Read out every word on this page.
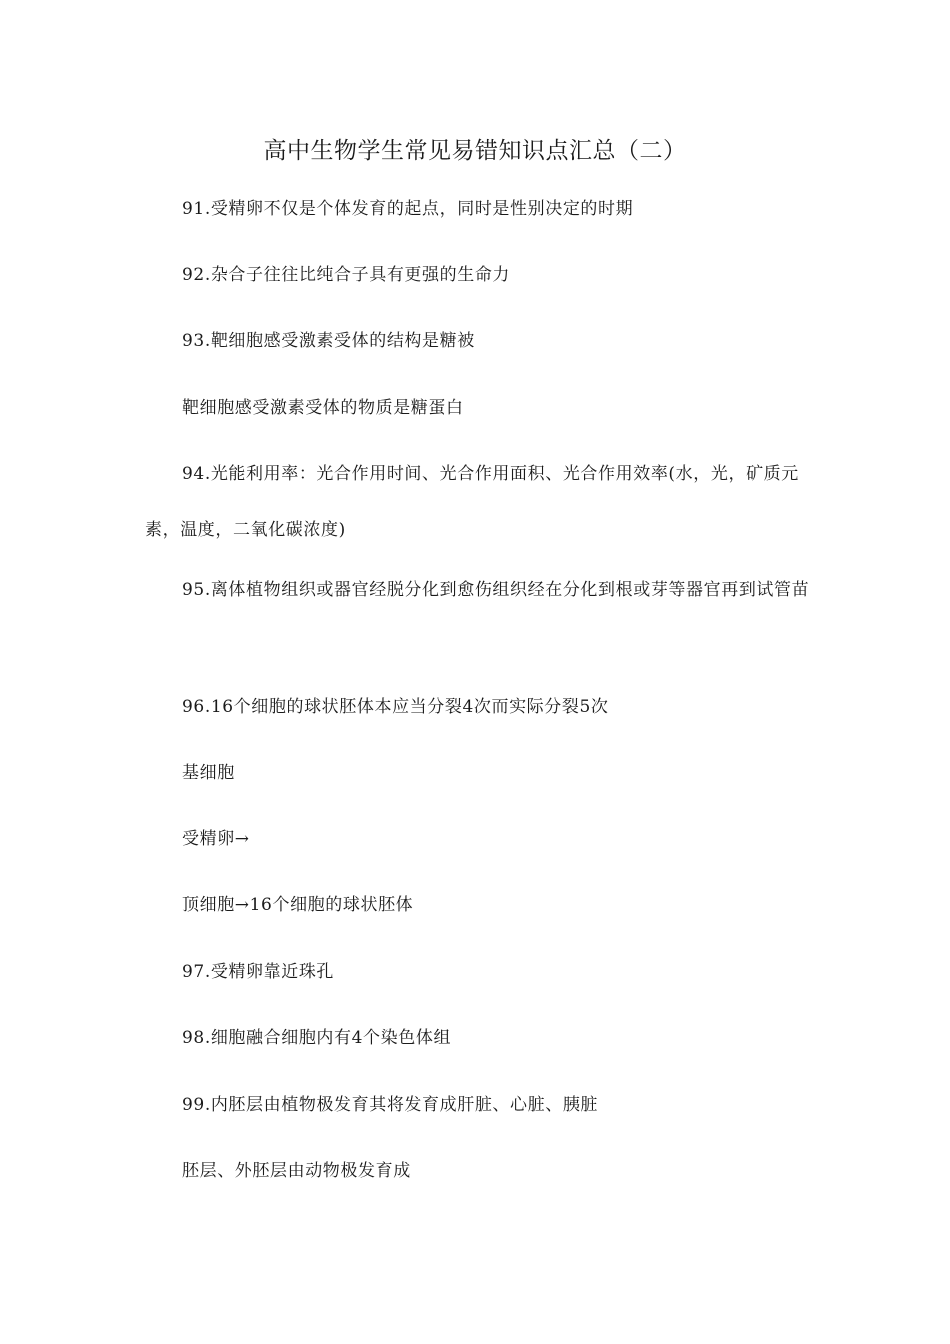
高中生物学生常见易错知识点汇总（二）

91.受精卵不仅是个体发育的起点，同时是性别决定的时期

92.杂合子往往比纯合子具有更强的生命力

93.靶细胞感受激素受体的结构是糖被

靶细胞感受激素受体的物质是糖蛋白

94.光能利用率：光合作用时间、光合作用面积、光合作用效率(水，光，矿质元素，温度，二氧化碳浓度)

95.离体植物组织或器官经脱分化到愈伤组织经在分化到根或芽等器官再到试管苗

96.16个细胞的球状胚体本应当分裂4次而实际分裂5次

基细胞

受精卵→

顶细胞→16个细胞的球状胚体

97.受精卵靠近珠孔

98.细胞融合细胞内有4个染色体组

99.内胚层由植物极发育其将发育成肝脏、心脏、胰脏

胚层、外胚层由动物极发育成
